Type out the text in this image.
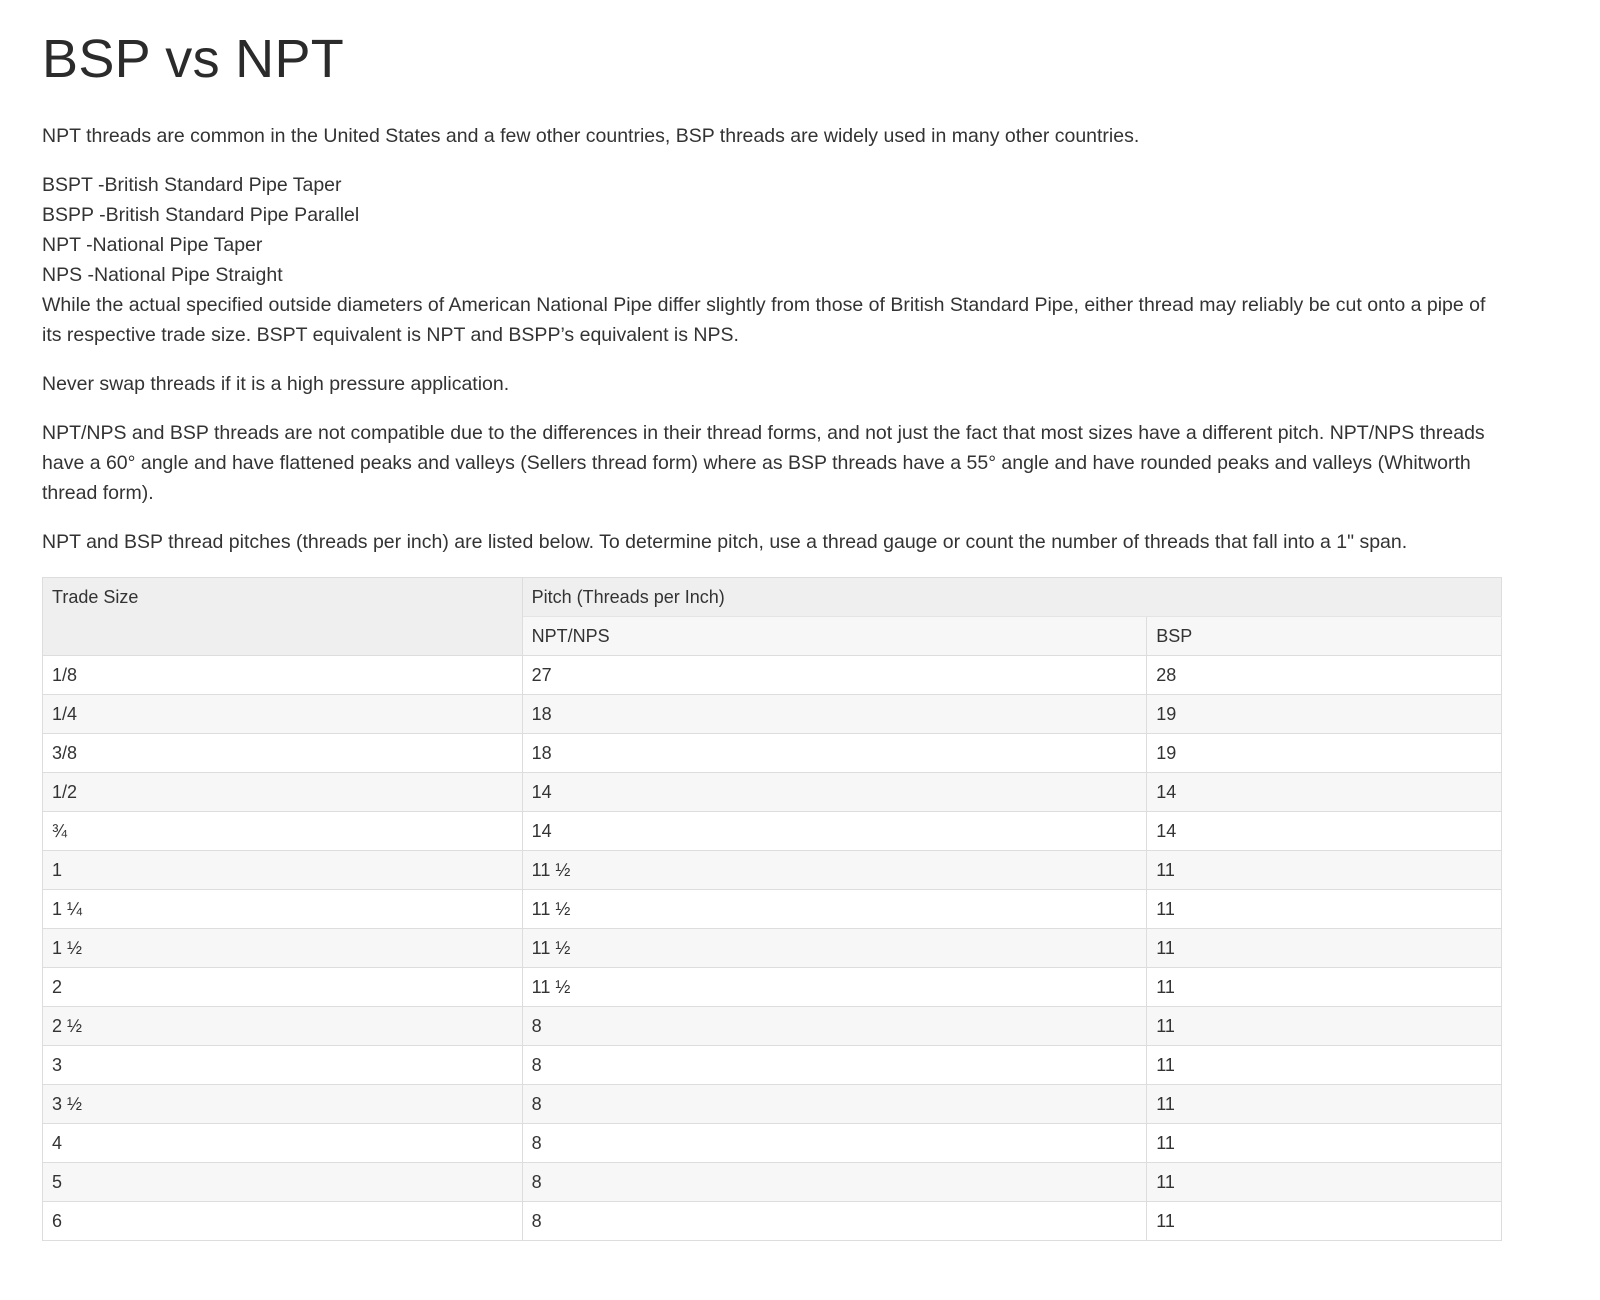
BSP vs NPT

NPT threads are common in the United States and a few other countries, BSP threads are widely used in many other countries.

BSPT -British Standard Pipe Taper
BSPP -British Standard Pipe Parallel
NPT -National Pipe Taper
NPS -National Pipe Straight

While the actual specified outside diameters of American National Pipe differ slightly from those of British Standard Pipe, either thread may reliably be cut onto a pipe of its respective trade size. BSPT equivalent is NPT and BSPP’s equivalent is NPS.

Never swap threads if it is a high pressure application.

NPT/NPS and BSP threads are not compatible due to the differences in their thread forms, and not just the fact that most sizes have a different pitch. NPT/NPS threads have a 60° angle and have flattened peaks and valleys (Sellers thread form) where as BSP threads have a 55° angle and have rounded peaks and valleys (Whitworth thread form).

NPT and BSP thread pitches (threads per inch) are listed below. To determine pitch, use a thread gauge or count the number of threads that fall into a 1" span.

Trade Size	Pitch (Threads per Inch)	
	NPT/NPS	BSP
1/8	27	28
1/4	18	19
3/8	18	19
1/2	14	14
¾	14	14
1	11 ½	11
1 ¼	11 ½	11
1 ½	11 ½	11
2	11 ½	11
2 ½	8	11
3	8	11
3 ½	8	11
4	8	11
5	8	11
6	8	11
